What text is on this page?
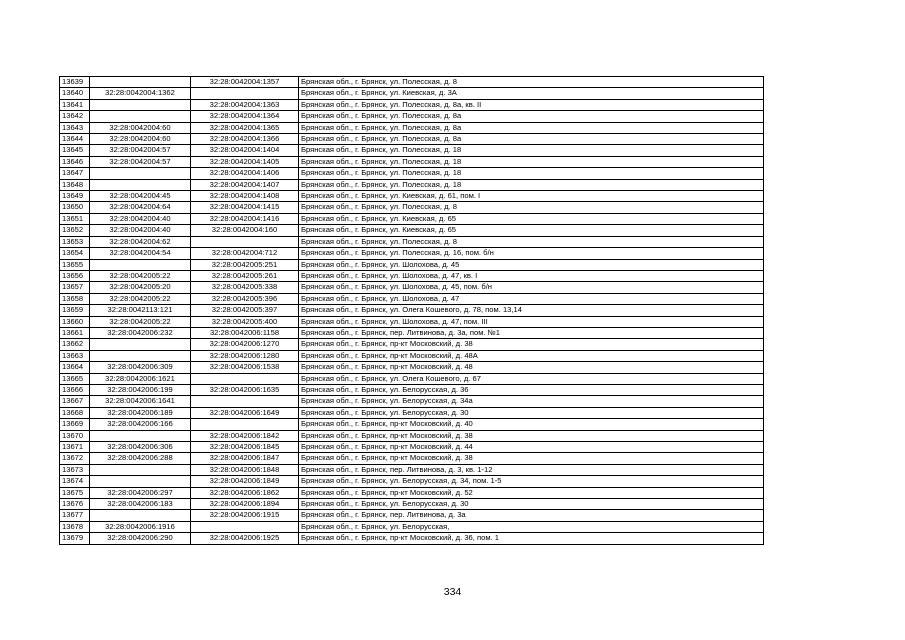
13639		32:28:0042004:1357	Брянская обл., г. Брянск, ул. Полесская, д. 8
13640	32:28:0042004:1362		Брянская обл., г. Брянск, ул. Киевская, д. 3А
13641		32:28:0042004:1363	Брянская обл., г. Брянск, ул. Полесская, д. 8а, кв. II
13642		32:28:0042004:1364	Брянская обл., г. Брянск, ул. Полесская, д. 8а
13643	32:28:0042004:60	32:28:0042004:1365	Брянская обл., г. Брянск, ул. Полесская, д. 8а
13644	32:28:0042004:60	32:28:0042004:1366	Брянская обл., г. Брянск, ул. Полесская, д. 8а
13645	32:28:0042004:57	32:28:0042004:1404	Брянская обл., г. Брянск, ул. Полесская, д. 18
13646	32:28:0042004:57	32:28:0042004:1405	Брянская обл., г. Брянск, ул. Полесская, д. 18
13647		32:28:0042004:1406	Брянская обл., г. Брянск, ул. Полесская, д. 18
13648		32:28:0042004:1407	Брянская обл., г. Брянск, ул. Полесская, д. 18
13649	32:28:0042004:45	32:28:0042004:1408	Брянская обл., г. Брянск, ул. Киевская, д. 61, пом. I
13650	32:28:0042004:64	32:28:0042004:1415	Брянская обл., г. Брянск, ул. Полесская, д. 8
13651	32:28:0042004:40	32:28:0042004:1416	Брянская обл., г. Брянск, ул. Киевская, д. 65
13652	32:28:0042004:40	32:28:0042004:160	Брянская обл., г. Брянск, ул. Киевская, д. 65
13653	32:28:0042004:62		Брянская обл., г. Брянск, ул. Полесская, д. 8
13654	32:28:0042004:54	32:28:0042004:712	Брянская обл., г. Брянск, ул. Полесская, д. 16, пом. б/н
13655		32:28:0042005:251	Брянская обл., г. Брянск, ул. Шолохова, д. 45
13656	32:28:0042005:22	32:28:0042005:261	Брянская обл., г. Брянск, ул. Шолохова, д. 47, кв. I
13657	32:28:0042005:20	32:28:0042005:338	Брянская обл., г. Брянск, ул. Шолохова, д. 45, пом. б/н
13658	32:28:0042005:22	32:28:0042005:396	Брянская обл., г. Брянск, ул. Шолохова, д. 47
13659	32:28:0042113:121	32:28:0042005:397	Брянская обл., г. Брянск, ул. Олега Кошевого, д. 78, пом. 13,14
13660	32:28:0042005:22	32:28:0042005:400	Брянская обл., г. Брянск, ул. Шолохова, д. 47, пом. III
13661	32:28:0042006:232	32:28:0042006:1158	Брянская обл., г. Брянск, пер. Литвинова, д. 3а, пом. №1
13662		32:28:0042006:1270	Брянская обл., г. Брянск, пр-кт Московский, д. 38
13663		32:28:0042006:1280	Брянская обл., г. Брянск, пр-кт Московский, д. 48А
13664	32:28:0042006:309	32:28:0042006:1538	Брянская обл., г. Брянск, пр-кт Московский, д. 48
13665	32:28:0042006:1621		Брянская обл., г. Брянск, ул. Олега Кошевого, д. 67
13666	32:28:0042006:199	32:28:0042006:1635	Брянская обл., г. Брянск, ул. Белорусская, д. 36
13667	32:28:0042006:1641		Брянская обл., г. Брянск, ул. Белорусская, д. 34а
13668	32:28:0042006:189	32:28:0042006:1649	Брянская обл., г. Брянск, ул. Белорусская, д. 30
13669	32:28:0042006:166		Брянская обл., г. Брянск, пр-кт Московский, д. 40
13670		32:28:0042006:1842	Брянская обл., г. Брянск, пр-кт Московский, д. 38
13671	32:28:0042006:306	32:28:0042006:1845	Брянская обл., г. Брянск, пр-кт Московский, д. 44
13672	32:28:0042006:288	32:28:0042006:1847	Брянская обл., г. Брянск, пр-кт Московский, д. 38
13673		32:28:0042006:1848	Брянская обл., г. Брянск, пер. Литвинова, д. 3, кв. 1-12
13674		32:28:0042006:1849	Брянская обл., г. Брянск, ул. Белорусская, д. 34, пом. 1-5
13675	32:28:0042006:297	32:28:0042006:1862	Брянская обл., г. Брянск, пр-кт Московский, д. 52
13676	32:28:0042006:183	32:28:0042006:1894	Брянская обл., г. Брянск, ул. Белорусская, д. 30
13677		32:28:0042006:1915	Брянская обл., г. Брянск, пер. Литвинова, д. 3а
13678	32:28:0042006:1916		Брянская обл., г. Брянск, ул. Белорусская,
13679	32:28:0042006:290	32:28:0042006:1925	Брянская обл., г. Брянск, пр-кт Московский, д. 36, пом. 1
334
